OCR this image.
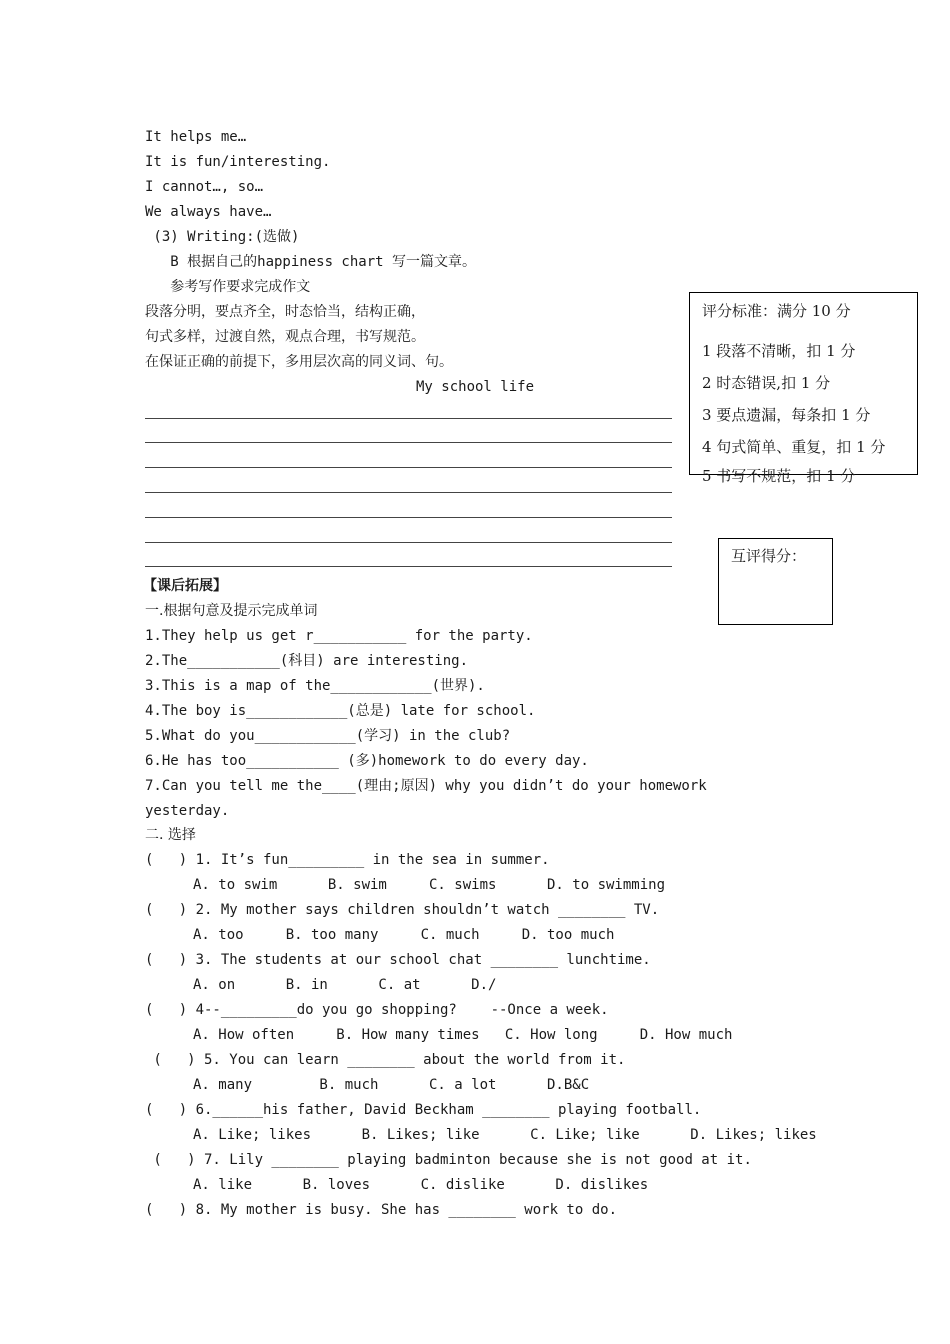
It helps me…
It is fun/interesting.
I cannot…, so…
We always have…
(3) Writing:(选做)
B 根据自己的happiness chart 写一篇文章。
参考写作要求完成作文
段落分明，要点齐全，时态恰当，结构正确，
句式多样，过渡自然，观点合理，书写规范。
在保证正确的前提下，多用层次高的同义词、句。
My school life
评分标准：满分 10 分
1 段落不清晰，扣 1 分
2 时态错误,扣 1 分
3 要点遗漏，每条扣 1 分
4 句式简单、重复，扣 1 分
5 书写不规范，扣 1 分
互评得分：
【课后拓展】
一.根据句意及提示完成单词
1.They help us get r___________ for the party.
2.The___________(科目) are interesting.
3.This is a map of the____________(世界).
4.The boy is____________(总是) late for school.
5.What do you____________(学习) in the club?
6.He has too___________ (多)homework to do every day.
7.Can you tell me the____(理由;原因) why you didn’t do your homework
yesterday.
二. 选择
(   ) 1. It’s fun_________ in the sea in summer.
A. to swim      B. swim     C. swims      D. to swimming
(   ) 2. My mother says children shouldn’t watch ________ TV.
A. too     B. too many     C. much     D. too much
(   ) 3. The students at our school chat ________ lunchtime.
A. on      B. in      C. at      D./
(   ) 4--_________do you go shopping?    --Once a week.
A. How often     B. How many times   C. How long     D. How much
(   ) 5. You can learn ________ about the world from it.
A. many        B. much      C. a lot      D.B&C
(   ) 6.______his father, David Beckham ________ playing football.
A. Like; likes      B. Likes; like      C. Like; like      D. Likes; likes
(   ) 7. Lily ________ playing badminton because she is not good at it.
A. like      B. loves      C. dislike      D. dislikes
(   ) 8. My mother is busy. She has ________ work to do.
